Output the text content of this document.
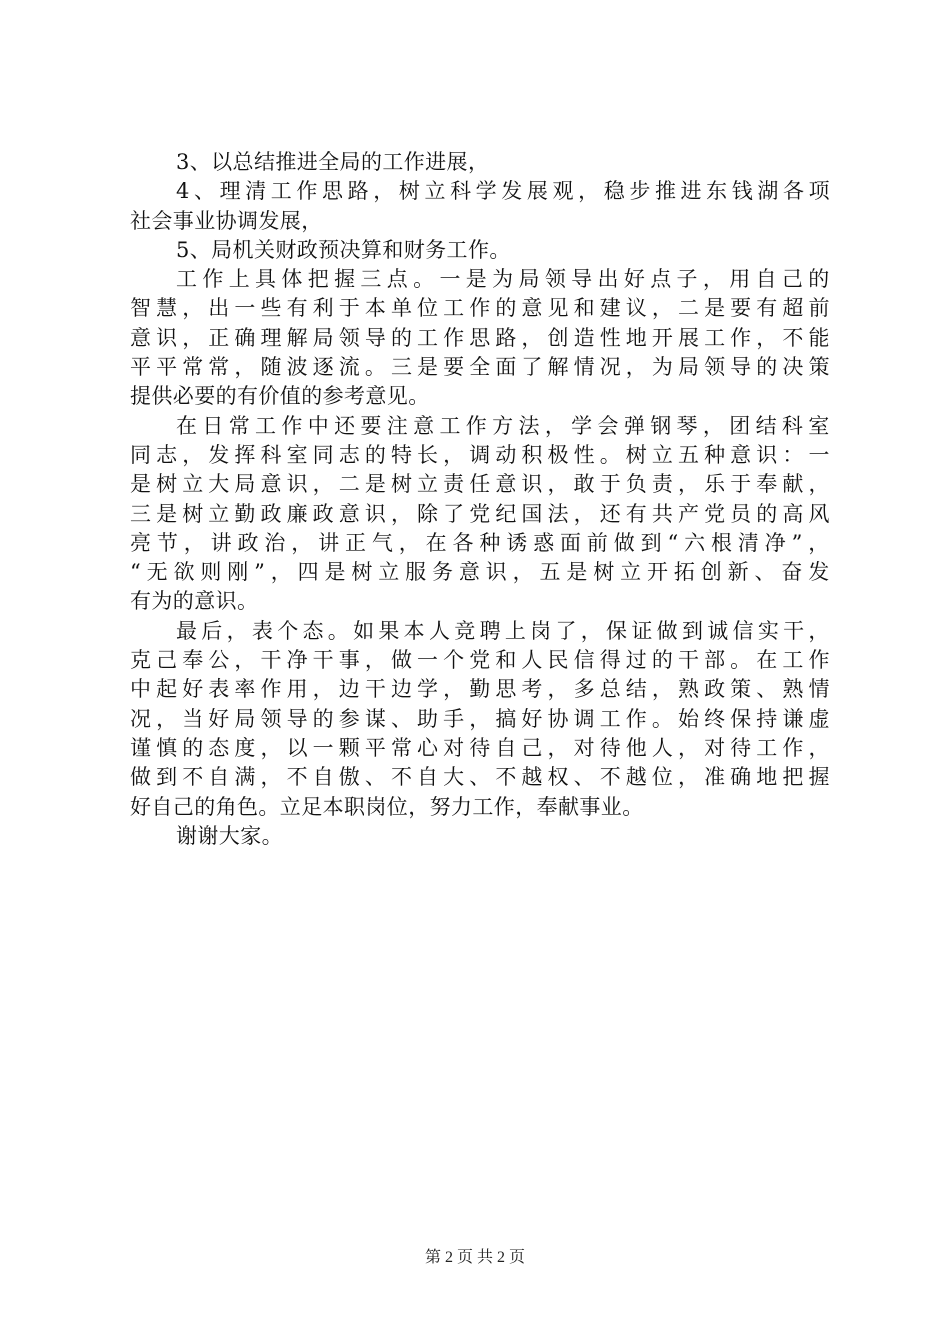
3、以总结推进全局的工作进展，
4 、 理 清 工 作 思 路 ， 树 立 科 学 发 展 观 ， 稳 步 推 进 东 钱 湖 各 项
社会事业协调发展，
5、局机关财政预决算和财务工作。
工 作 上 具 体 把 握 三 点 。 一 是 为 局 领 导 出 好 点 子 ， 用 自 己 的
智 慧 ， 出 一 些 有 利 于 本 单 位 工 作 的 意 见 和 建 议 ， 二 是 要 有 超 前
意 识 ， 正 确 理 解 局 领 导 的 工 作 思 路 ， 创 造 性 地 开 展 工 作 ， 不 能
平 平 常 常 ， 随 波 逐 流 。 三 是 要 全 面 了 解 情 况 ， 为 局 领 导 的 决 策
提供必要的有价值的参考意见。
在 日 常 工 作 中 还 要 注 意 工 作 方 法 ， 学 会 弹 钢 琴 ， 团 结 科 室
同 志 ， 发 挥 科 室 同 志 的 特 长 ， 调 动 积 极 性 。 树 立 五 种 意 识 ： 一
是 树 立 大 局 意 识 ， 二 是 树 立 责 任 意 识 ， 敢 于 负 责 ， 乐 于 奉 献 ，
三 是 树 立 勤 政 廉 政 意 识 ， 除 了 党 纪 国 法 ， 还 有 共 产 党 员 的 高 风
亮 节 ， 讲 政 治 ， 讲 正 气 ， 在 各 种 诱 惑 面 前 做 到 “ 六 根 清 净 ” ，
“ 无 欲 则 刚 ” ， 四 是 树 立 服 务 意 识 ， 五 是 树 立 开 拓 创 新 、 奋 发
有为的意识。
最 后 ， 表 个 态 。 如 果 本 人 竞 聘 上 岗 了 ， 保 证 做 到 诚 信 实 干 ，
克 己 奉 公 ， 干 净 干 事 ， 做 一 个 党 和 人 民 信 得 过 的 干 部 。 在 工 作
中 起 好 表 率 作 用 ， 边 干 边 学 ， 勤 思 考 ， 多 总 结 ， 熟 政 策 、 熟 情
况 ， 当 好 局 领 导 的 参 谋 、 助 手 ， 搞 好 协 调 工 作 。 始 终 保 持 谦 虚
谨 慎 的 态 度 ， 以 一 颗 平 常 心 对 待 自 己 ， 对 待 他 人 ， 对 待 工 作 ，
做 到 不 自 满 ， 不 自 傲 、 不 自 大 、 不 越 权 、 不 越 位 ， 准 确 地 把 握
好自己的角色。立足本职岗位，努力工作，奉献事业。
谢谢大家。
第 2 页 共 2 页
